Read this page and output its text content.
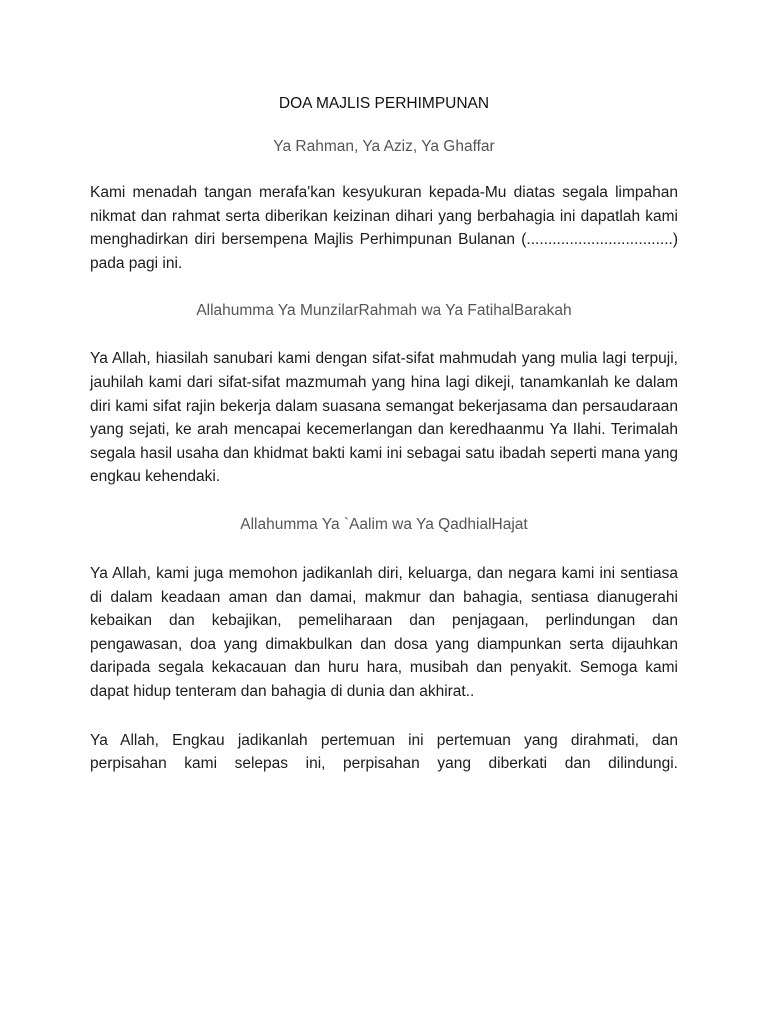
DOA MAJLIS PERHIMPUNAN
Ya Rahman, Ya Aziz, Ya Ghaffar

Kami menadah tangan merafa'kan kesyukuran kepada-Mu diatas segala limpahan nikmat dan rahmat serta diberikan keizinan dihari yang berbahagia ini dapatlah kami menghadirkan diri bersempena Majlis Perhimpunan Bulanan (..................................) pada pagi ini.

Allahumma Ya MunzilarRahmah wa Ya FatihalBarakah

Ya Allah, hiasilah sanubari kami dengan sifat-sifat mahmudah yang mulia lagi terpuji, jauhilah kami dari sifat-sifat mazmumah yang hina lagi dikeji, tanamkanlah ke dalam diri kami sifat rajin bekerja dalam suasana semangat bekerjasama dan persaudaraan yang sejati, ke arah mencapai kecemerlangan dan keredhaanmu Ya Ilahi. Terimalah segala hasil usaha dan khidmat bakti kami ini sebagai satu ibadah seperti mana yang engkau kehendaki.

Allahumma Ya `Aalim wa Ya QadhialHajat

Ya Allah, kami juga memohon jadikanlah diri, keluarga, dan negara kami ini sentiasa di dalam keadaan aman dan damai, makmur dan bahagia, sentiasa dianugerahi kebaikan dan kebajikan, pemeliharaan dan penjagaan, perlindungan dan pengawasan, doa yang dimakbulkan dan dosa yang diampunkan serta dijauhkan daripada segala kekacauan dan huru hara, musibah dan penyakit. Semoga kami dapat hidup tenteram dan bahagia di dunia dan akhirat..

Ya Allah, Engkau jadikanlah pertemuan ini pertemuan yang dirahmati, dan perpisahan kami selepas ini, perpisahan yang diberkati dan dilindungi.
